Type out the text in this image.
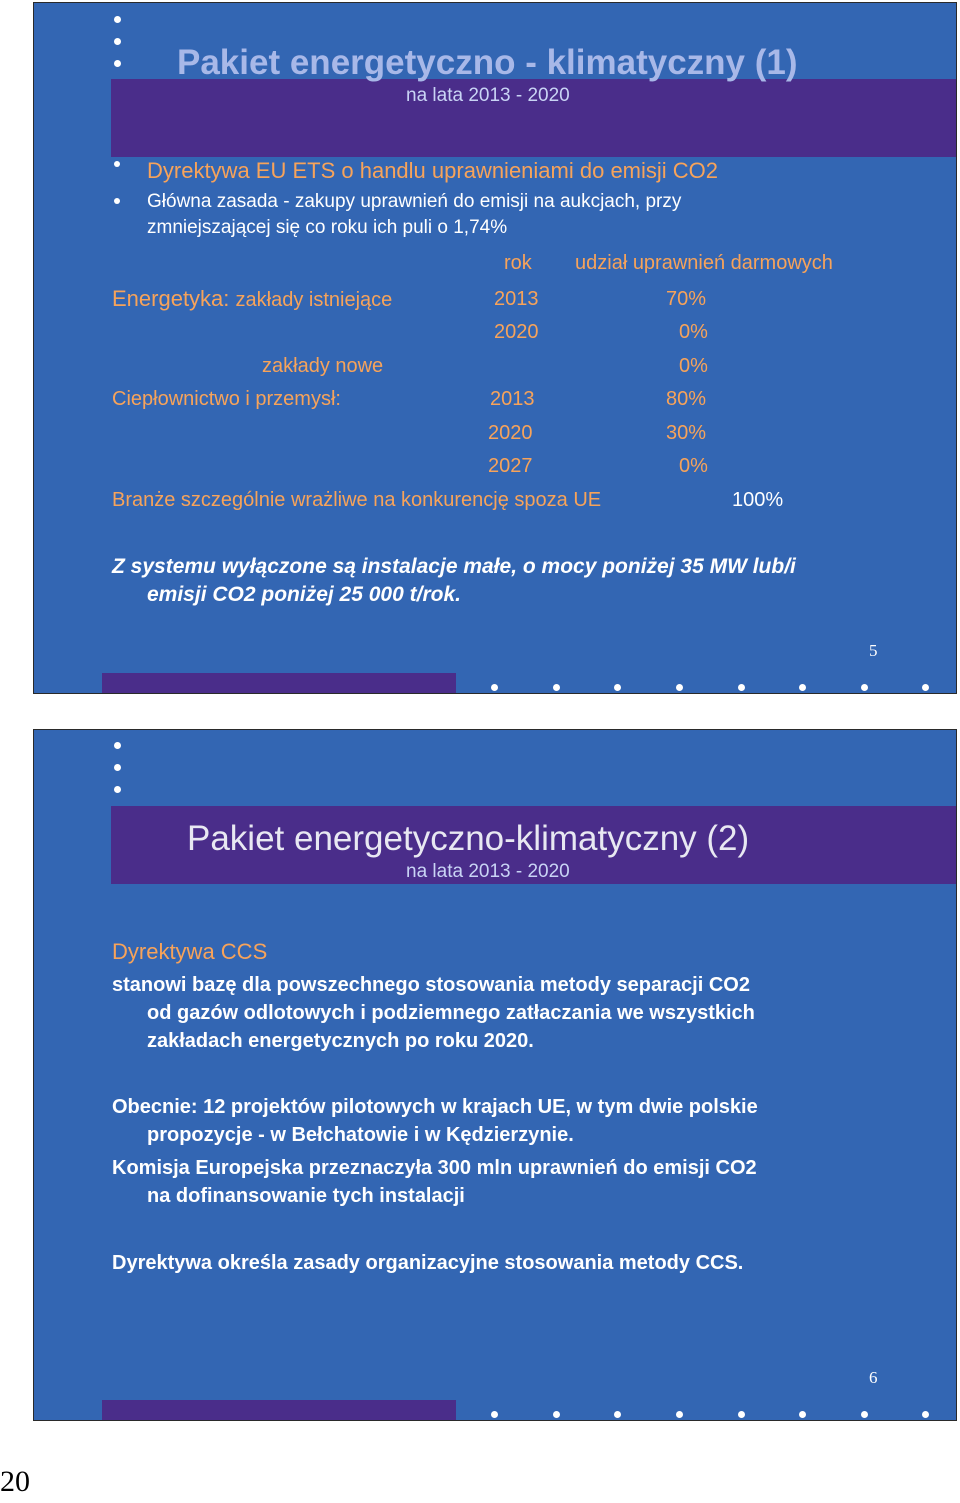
Pakiet energetyczno - klimatyczny (1)
na lata 2013 - 2020
Dyrektywa EU ETS o handlu uprawnieniami do emisji CO2
Główna zasada - zakupy uprawnień do emisji na aukcjach, przy
zmniejszającej się co roku ich puli o 1,74%
rok udział uprawnień darmowych
Energetyka: zakłady istniejące	2013	70%
2020	0%
zakłady nowe	0%
Ciepłownictwo i przemysł:	2013	80%
2020	30%
2027	0%
Branże szczególnie wrażliwe na konkurencję spoza UE	100%
Z systemu wyłączone są instalacje małe, o mocy poniżej 35 MW lub/i
emisji CO2 poniżej 25 000 t/rok.
5
Pakiet energetyczno-klimatyczny (2)
na lata 2013 - 2020
Dyrektywa CCS
stanowi bazę dla powszechnego stosowania metody separacji CO2
od gazów odlotowych i podziemnego zatłaczania we wszystkich
zakładach energetycznych po roku 2020.
Obecnie: 12 projektów pilotowych w krajach UE, w tym dwie polskie
propozycje - w Bełchatowie i w Kędzierzynie.
Komisja Europejska przeznaczyła 300 mln uprawnień do emisji CO2
na dofinansowanie tych instalacji
Dyrektywa określa zasady organizacyjne stosowania metody CCS.
6
20
